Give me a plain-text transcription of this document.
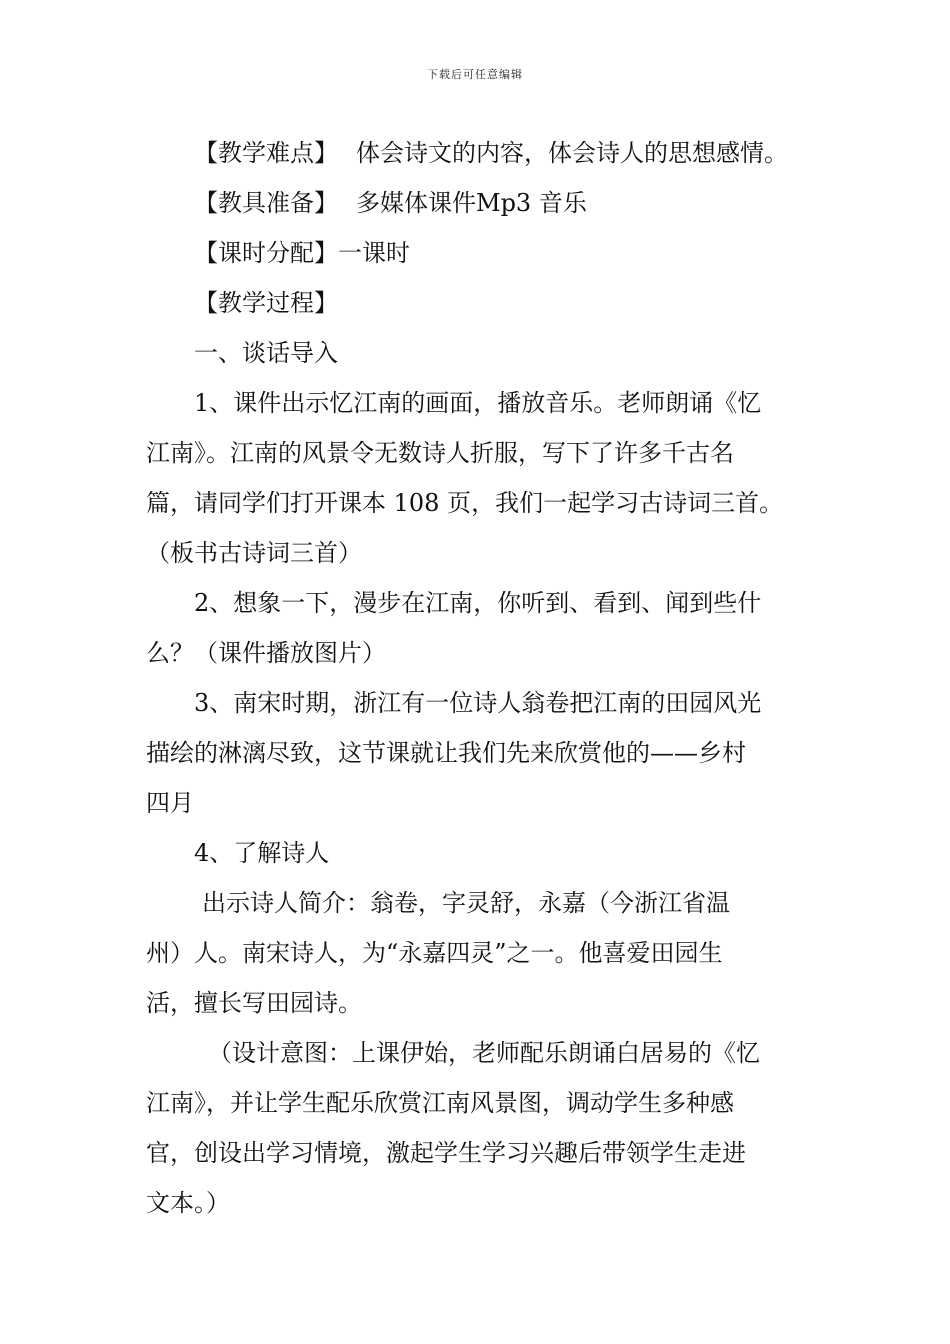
下载后可任意编辑
【教学难点】 体会诗文的内容，体会诗人的思想感情。
【教具准备】 多媒体课件Mp3 音乐
【课时分配】一课时
【教学过程】
一、谈话导入
1、课件出示忆江南的画面，播放音乐。老师朗诵《忆
江南》。江南的风景令无数诗人折服，写下了许多千古名
篇，请同学们打开课本 108 页，我们一起学习古诗词三首。
（板书古诗词三首）
2、想象一下，漫步在江南，你听到、看到、闻到些什
么？（课件播放图片）
3、南宋时期，浙江有一位诗人翁卷把江南的田园风光
描绘的淋漓尽致，这节课就让我们先来欣赏他的——乡村
四月
4、了解诗人
出示诗人简介：翁卷，字灵舒，永嘉（今浙江省温
州）人。南宋诗人，为“永嘉四灵”之一。他喜爱田园生
活，擅长写田园诗。
（设计意图：上课伊始，老师配乐朗诵白居易的《忆
江南》，并让学生配乐欣赏江南风景图，调动学生多种感
官，创设出学习情境，激起学生学习兴趣后带领学生走进
文本。）
